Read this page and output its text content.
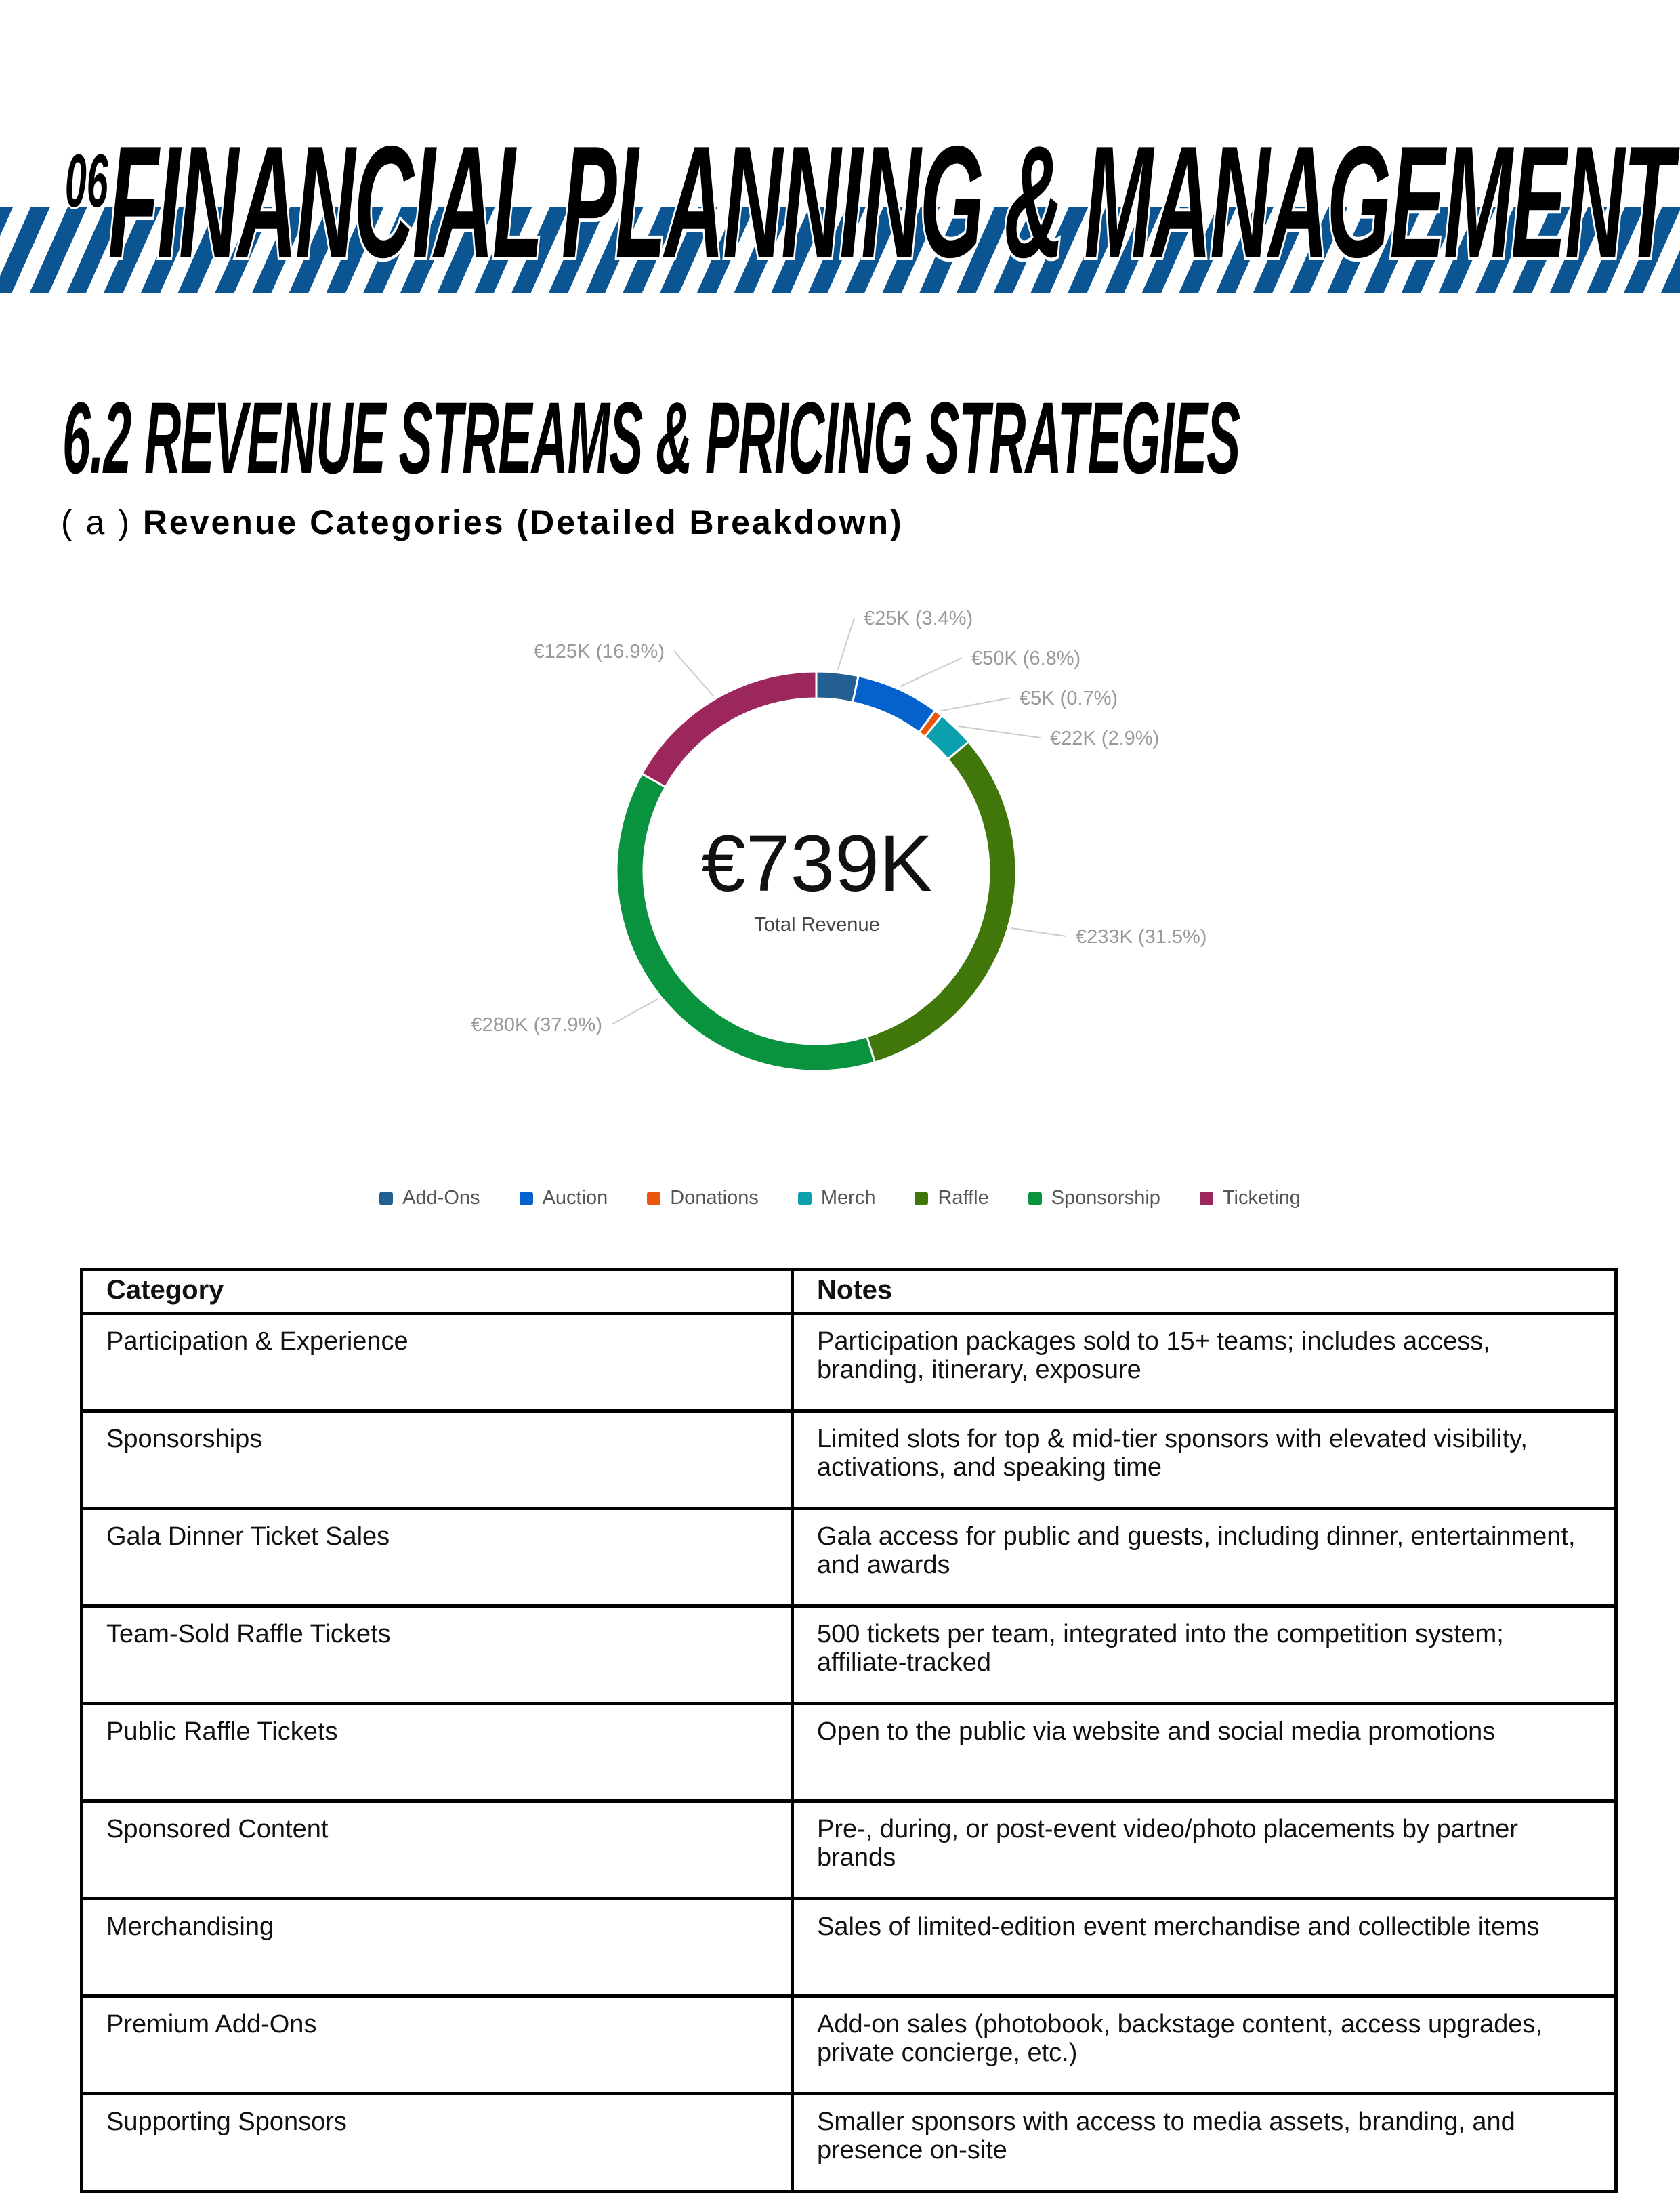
06FINANCIAL PLANNING & MANAGEMENT
6.2 REVENUE STREAMS & PRICING STRATEGIES
( a ) Revenue Categories (Detailed Breakdown)
€25K (3.4%)
€50K (6.8%)
€5K (0.7%)
€22K (2.9%)
€233K (31.5%)
€280K (37.9%)
€125K (16.9%)
€739K
Total Revenue
Add-Ons	Auction	Donations	Merch	Raffle	Sponsorship	Ticketing
Category	Notes
Participation & Experience	Participation packages sold to 15+ teams; includes access, branding, itinerary, exposure
Sponsorships	Limited slots for top & mid-tier sponsors with elevated visibility, activations, and speaking time
Gala Dinner Ticket Sales	Gala access for public and guests, including dinner, entertainment, and awards
Team-Sold Raffle Tickets	500 tickets per team, integrated into the competition system; affiliate-tracked
Public Raffle Tickets	Open to the public via website and social media promotions
Sponsored Content	Pre-, during, or post-event video/photo placements by partner brands
Merchandising	Sales of limited-edition event merchandise and collectible items
Premium Add-Ons	Add-on sales (photobook, backstage content, access upgrades, private concierge, etc.)
Supporting Sponsors	Smaller sponsors with access to media assets, branding, and presence on-site
